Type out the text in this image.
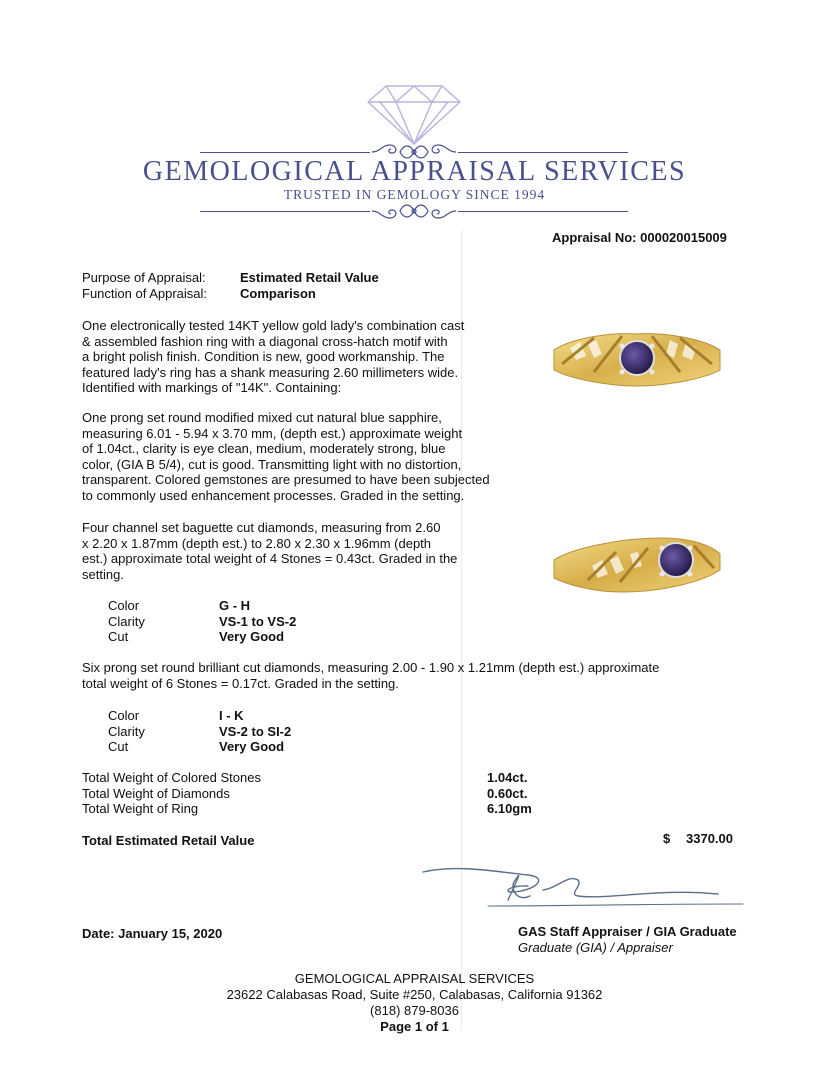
GEMOLOGICAL APPRAISAL SERVICES
TRUSTED IN GEMOLOGY SINCE 1994
Appraisal No: 000020015009
Purpose of Appraisal:	Estimated Retail Value
Function of Appraisal:	Comparison
One electronically tested 14KT yellow gold lady's combination cast
& assembled fashion ring with a diagonal cross-hatch motif with
a bright polish finish. Condition is new, good workmanship. The
featured lady's ring has a shank measuring 2.60 millimeters wide.
Identified with markings of "14K". Containing:
One prong set round modified mixed cut natural blue sapphire,
measuring 6.01 - 5.94 x 3.70 mm, (depth est.) approximate weight
of 1.04ct., clarity is eye clean, medium, moderately strong, blue
color, (GIA B 5/4), cut is good. Transmitting light with no distortion,
transparent. Colored gemstones are presumed to have been subjected
to commonly used enhancement processes. Graded in the setting.
Four channel set baguette cut diamonds, measuring from 2.60
x 2.20 x 1.87mm (depth est.) to 2.80 x 2.30 x 1.96mm (depth
est.) approximate total weight of 4 Stones = 0.43ct. Graded in the
setting.
Color	G - H
Clarity	VS-1 to VS-2
Cut	Very Good
Six prong set round brilliant cut diamonds, measuring 2.00 - 1.90 x 1.21mm (depth est.) approximate
total weight of 6 Stones = 0.17ct. Graded in the setting.
Color	I - K
Clarity	VS-2 to SI-2
Cut	Very Good
Total Weight of Colored Stones	1.04ct.
Total Weight of Diamonds	0.60ct.
Total Weight of Ring	6.10gm
Total Estimated Retail Value	$ 3370.00
Date: January 15, 2020	GAS Staff Appraiser / GIA Graduate
Graduate (GIA) / Appraiser
GEMOLOGICAL APPRAISAL SERVICES
23622 Calabasas Road, Suite #250, Calabasas, California 91362
(818) 879-8036
Page 1 of 1
